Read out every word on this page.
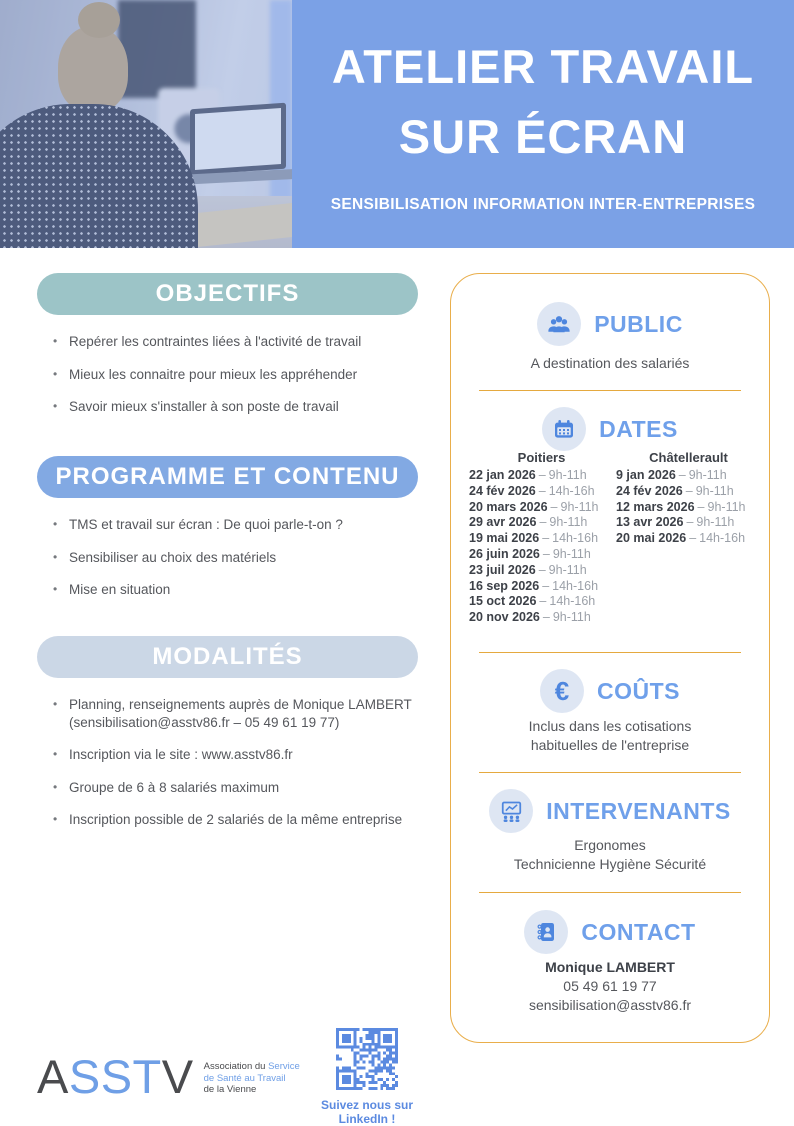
ATELIER TRAVAIL
SUR ÉCRAN
SENSIBILISATION INFORMATION INTER-ENTREPRISES
OBJECTIFS
• Repérer les contraintes liées à l'activité de travail
• Mieux les connaitre pour mieux les appréhender
• Savoir mieux s'installer à son poste de travail
PROGRAMME ET CONTENU
• TMS et travail sur écran : De quoi parle-t-on ?
• Sensibiliser au choix des matériels
• Mise en situation
MODALITÉS
• Planning, renseignements auprès de Monique LAMBERT (sensibilisation@asstv86.fr – 05 49 61 19 77)
• Inscription via le site : www.asstv86.fr
• Groupe de 6 à 8 salariés maximum
• Inscription possible de 2 salariés de la même entreprise
PUBLIC
A destination des salariés
DATES
Poitiers
22 jan 2026 – 9h-11h
24 fév 2026 – 14h-16h
20 mars 2026 – 9h-11h
29 avr 2026 – 9h-11h
19 mai 2026 – 14h-16h
26 juin 2026 – 9h-11h
23 juil 2026 – 9h-11h
16 sep 2026 – 14h-16h
15 oct 2026 – 14h-16h
20 nov 2026 – 9h-11h
Châtellerault
9 jan 2026 – 9h-11h
24 fév 2026 – 9h-11h
12 mars 2026 – 9h-11h
13 avr 2026 – 9h-11h
20 mai 2026 – 14h-16h
€ COÛTS
Inclus dans les cotisations habituelles de l'entreprise
INTERVENANTS
Ergonomes
Technicienne Hygiène Sécurité
CONTACT
Monique LAMBERT
05 49 61 19 77
sensibilisation@asstv86.fr
ASSTV Association du Service
de Santé au Travail
de la Vienne
Suivez nous sur LinkedIn !
